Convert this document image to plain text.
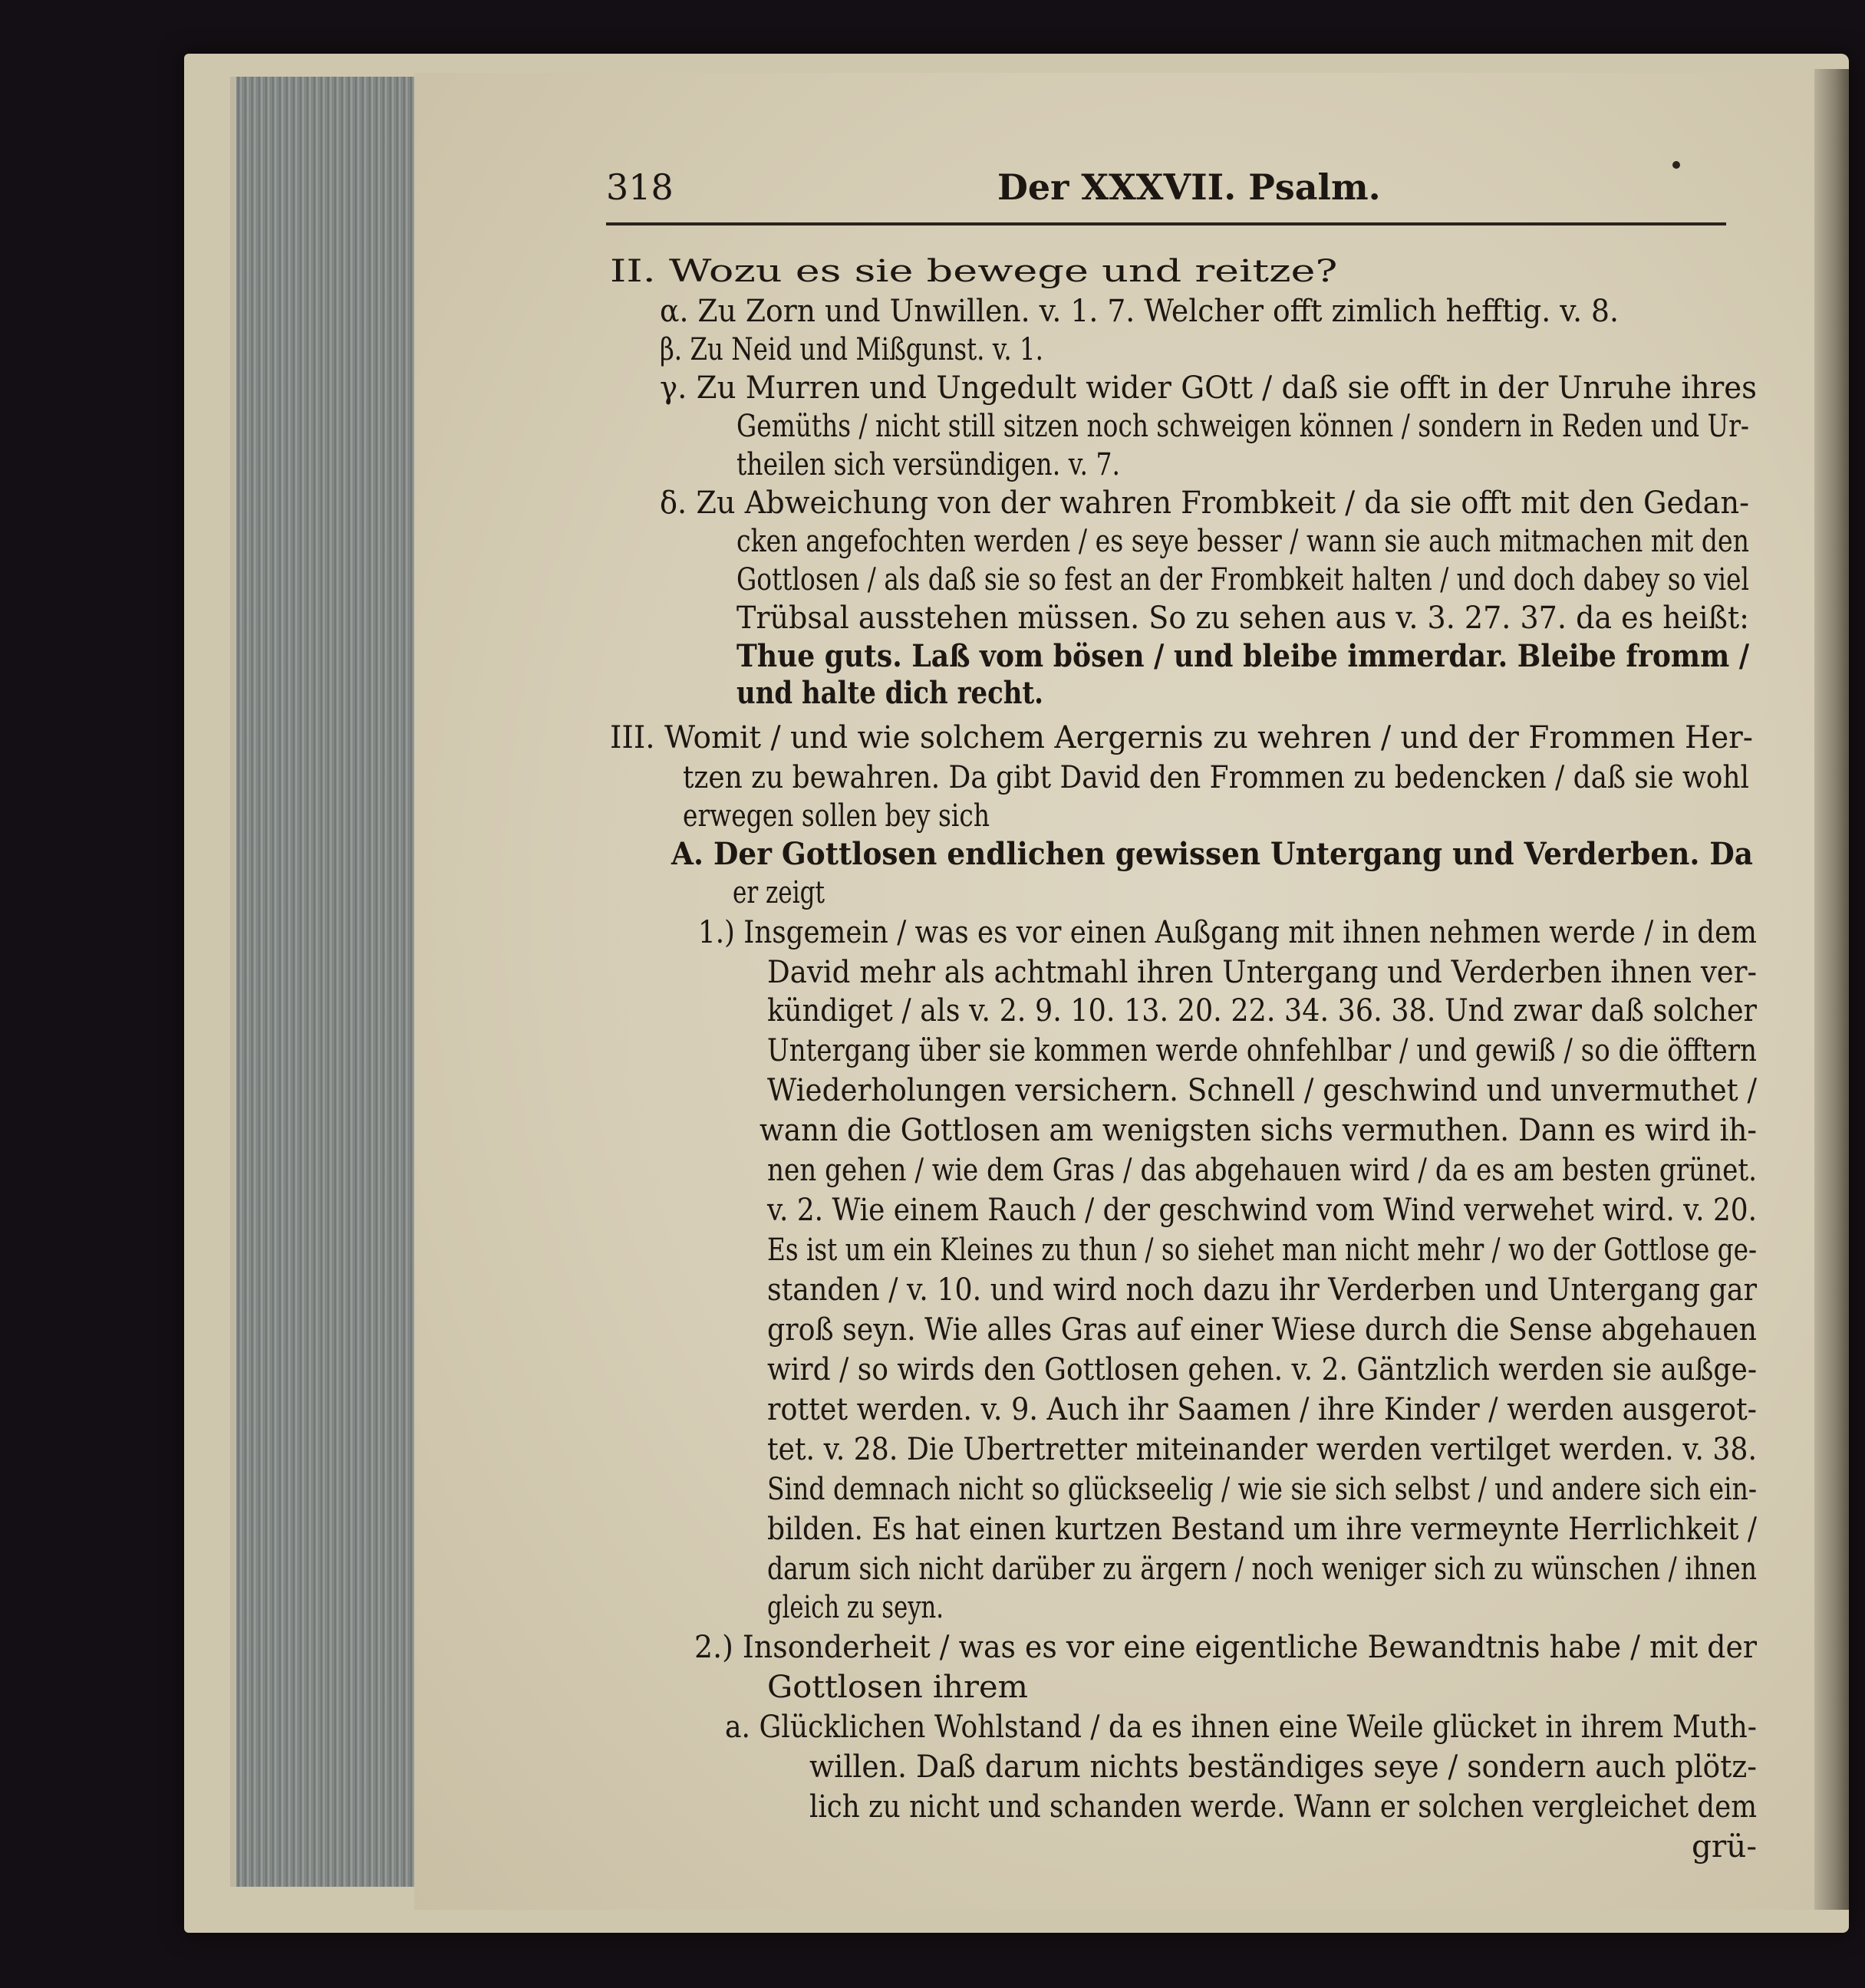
318	Der XXXVII. Psalm.
II. Wozu es sie bewege und reitze?
α. Zu Zorn und Unwillen. v. 1. 7. Welcher offt zimlich hefftig. v. 8.
β. Zu Neid und Mißgunst. v. 1.
γ. Zu Murren und Ungedult wider GOtt / daß sie offt in der Unruhe ihres
Gemüths / nicht still sitzen noch schweigen können / sondern in Reden und Ur-
theilen sich versündigen. v. 7.
δ. Zu Abweichung von der wahren Frombkeit / da sie offt mit den Gedan-
cken angefochten werden / es seye besser / wann sie auch mitmachen mit den
Gottlosen / als daß sie so fest an der Frombkeit halten / und doch dabey so viel
Trübsal ausstehen müssen. So zu sehen aus v. 3. 27. 37. da es heißt:
Thue guts. Laß vom bösen / und bleibe immerdar. Bleibe fromm /
und halte dich recht.
III. Womit / und wie solchem Aergernis zu wehren / und der Frommen Her-
tzen zu bewahren. Da gibt David den Frommen zu bedencken / daß sie wohl
erwegen sollen bey sich
A. Der Gottlosen endlichen gewissen Untergang und Verderben. Da
er zeigt
1.) Insgemein / was es vor einen Außgang mit ihnen nehmen werde / in dem
David mehr als achtmahl ihren Untergang und Verderben ihnen ver-
kündiget / als v. 2. 9. 10. 13. 20. 22. 34. 36. 38. Und zwar daß solcher
Untergang über sie kommen werde ohnfehlbar / und gewiß / so die öfftern
Wiederholungen versichern. Schnell / geschwind und unvermuthet /
wann die Gottlosen am wenigsten sichs vermuthen. Dann es wird ih-
nen gehen / wie dem Gras / das abgehauen wird / da es am besten grünet.
v. 2. Wie einem Rauch / der geschwind vom Wind verwehet wird. v. 20.
Es ist um ein Kleines zu thun / so siehet man nicht mehr / wo der Gottlose ge-
standen / v. 10. und wird noch dazu ihr Verderben und Untergang gar
groß seyn. Wie alles Gras auf einer Wiese durch die Sense abgehauen
wird / so wirds den Gottlosen gehen. v. 2. Gäntzlich werden sie außge-
rottet werden. v. 9. Auch ihr Saamen / ihre Kinder / werden ausgerot-
tet. v. 28. Die Ubertretter miteinander werden vertilget werden. v. 38.
Sind demnach nicht so glückseelig / wie sie sich selbst / und andere sich ein-
bilden. Es hat einen kurtzen Bestand um ihre vermeynte Herrlichkeit /
darum sich nicht darüber zu ärgern / noch weniger sich zu wünschen / ihnen
gleich zu seyn.
2.) Insonderheit / was es vor eine eigentliche Bewandtnis habe / mit der
Gottlosen ihrem
a. Glücklichen Wohlstand / da es ihnen eine Weile glücket in ihrem Muth-
willen. Daß darum nichts beständiges seye / sondern auch plötz-
lich zu nicht und schanden werde. Wann er solchen vergleichet dem
grü-
